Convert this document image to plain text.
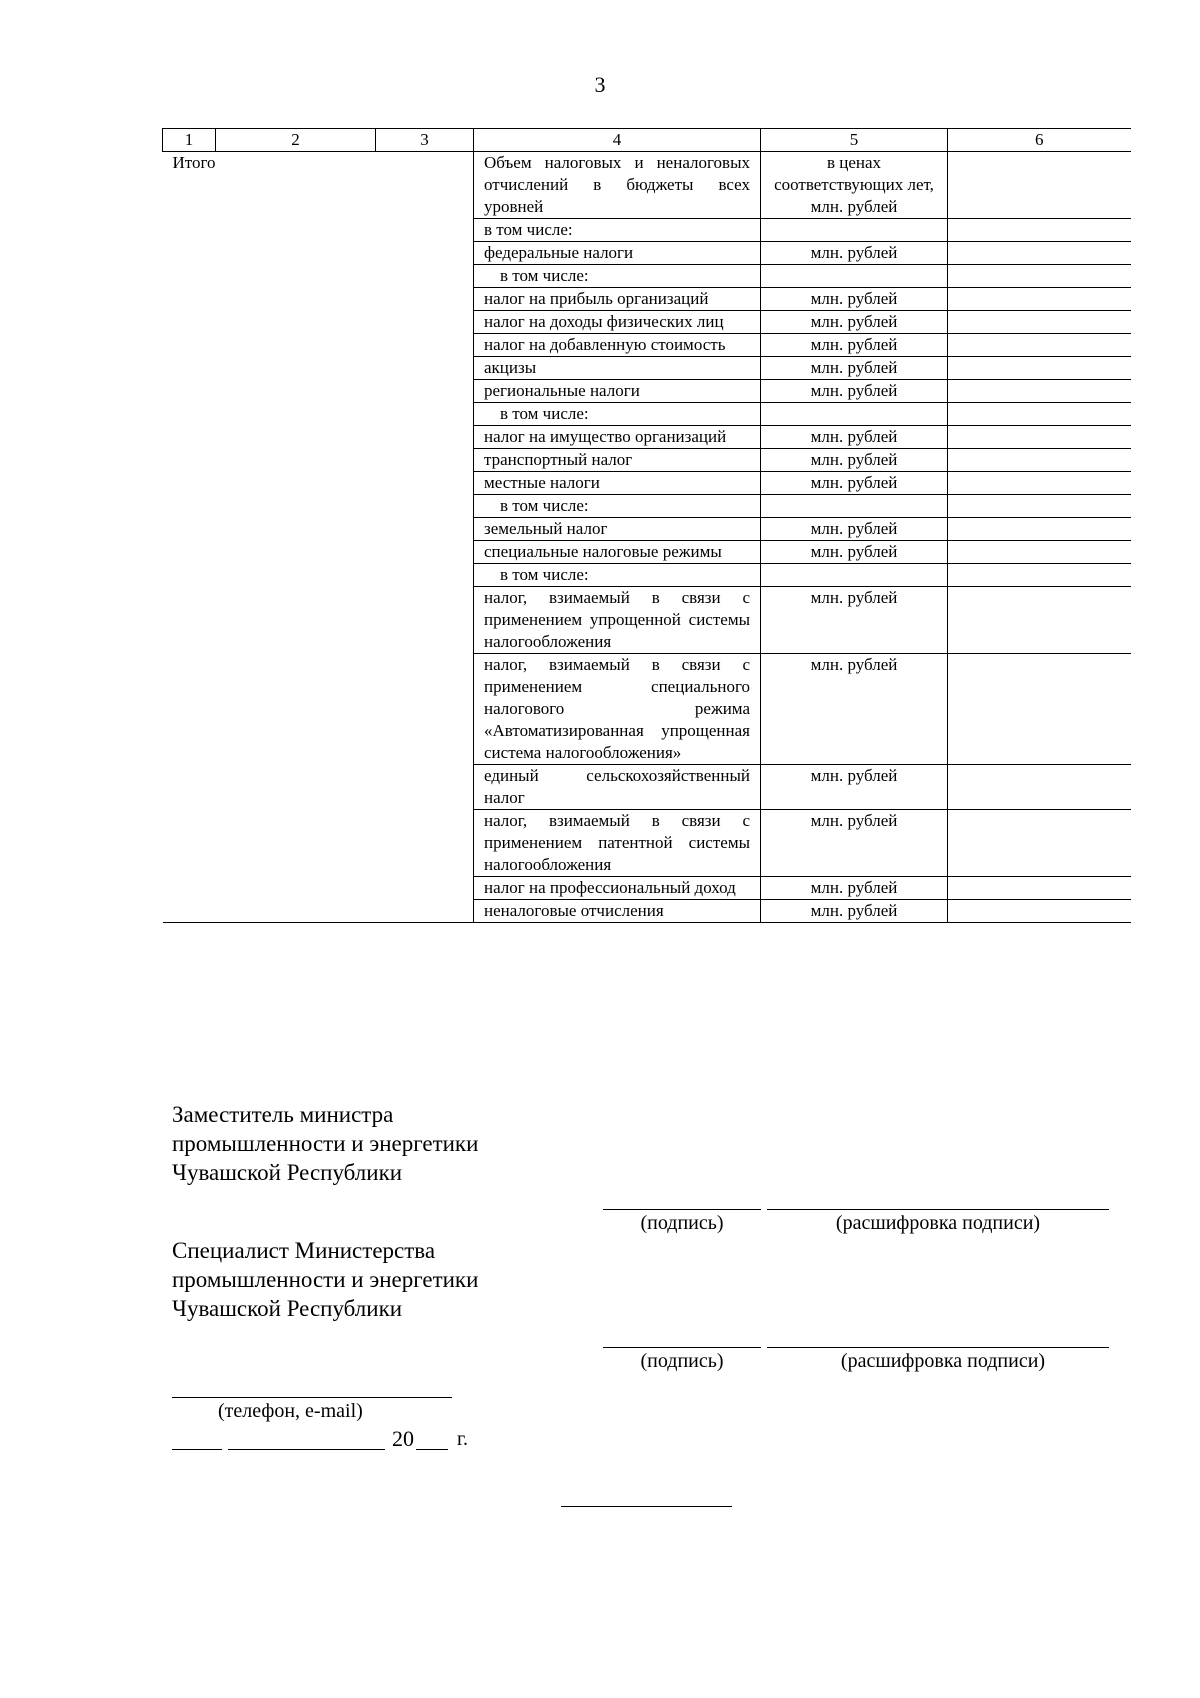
3
1	2	3	4	5	6
Итого			Объем налоговых и неналоговых отчислений в бюджеты всех уровней	в ценах соответствующих лет, млн. рублей	
			в том числе:		
			федеральные налоги	млн. рублей	
			в том числе:		
			налог на прибыль организаций	млн. рублей	
			налог на доходы физических лиц	млн. рублей	
			налог на добавленную стоимость	млн. рублей	
			акцизы	млн. рублей	
			региональные налоги	млн. рублей	
			в том числе:		
			налог на имущество организаций	млн. рублей	
			транспортный налог	млн. рублей	
			местные налоги	млн. рублей	
			в том числе:		
			земельный налог	млн. рублей	
			специальные налоговые режимы	млн. рублей	
			в том числе:		
			налог, взимаемый в связи с применением упрощенной системы налогообложения	млн. рублей	
			налог, взимаемый в связи с применением специального налогового режима «Автоматизированная упрощенная система налогообложения»	млн. рублей	
			единый сельскохозяйственный налог	млн. рублей	
			налог, взимаемый в связи с применением патентной системы налогообложения	млн. рублей	
			налог на профессиональный доход	млн. рублей	
			неналоговые отчисления	млн. рублей	
Заместитель министра
промышленности и энергетики
Чувашской Республики
(подпись)	(расшифровка подписи)
Специалист Министерства
промышленности и энергетики
Чувашской Республики
(подпись)	(расшифровка подписи)
(телефон, e-mail)
20 г.
